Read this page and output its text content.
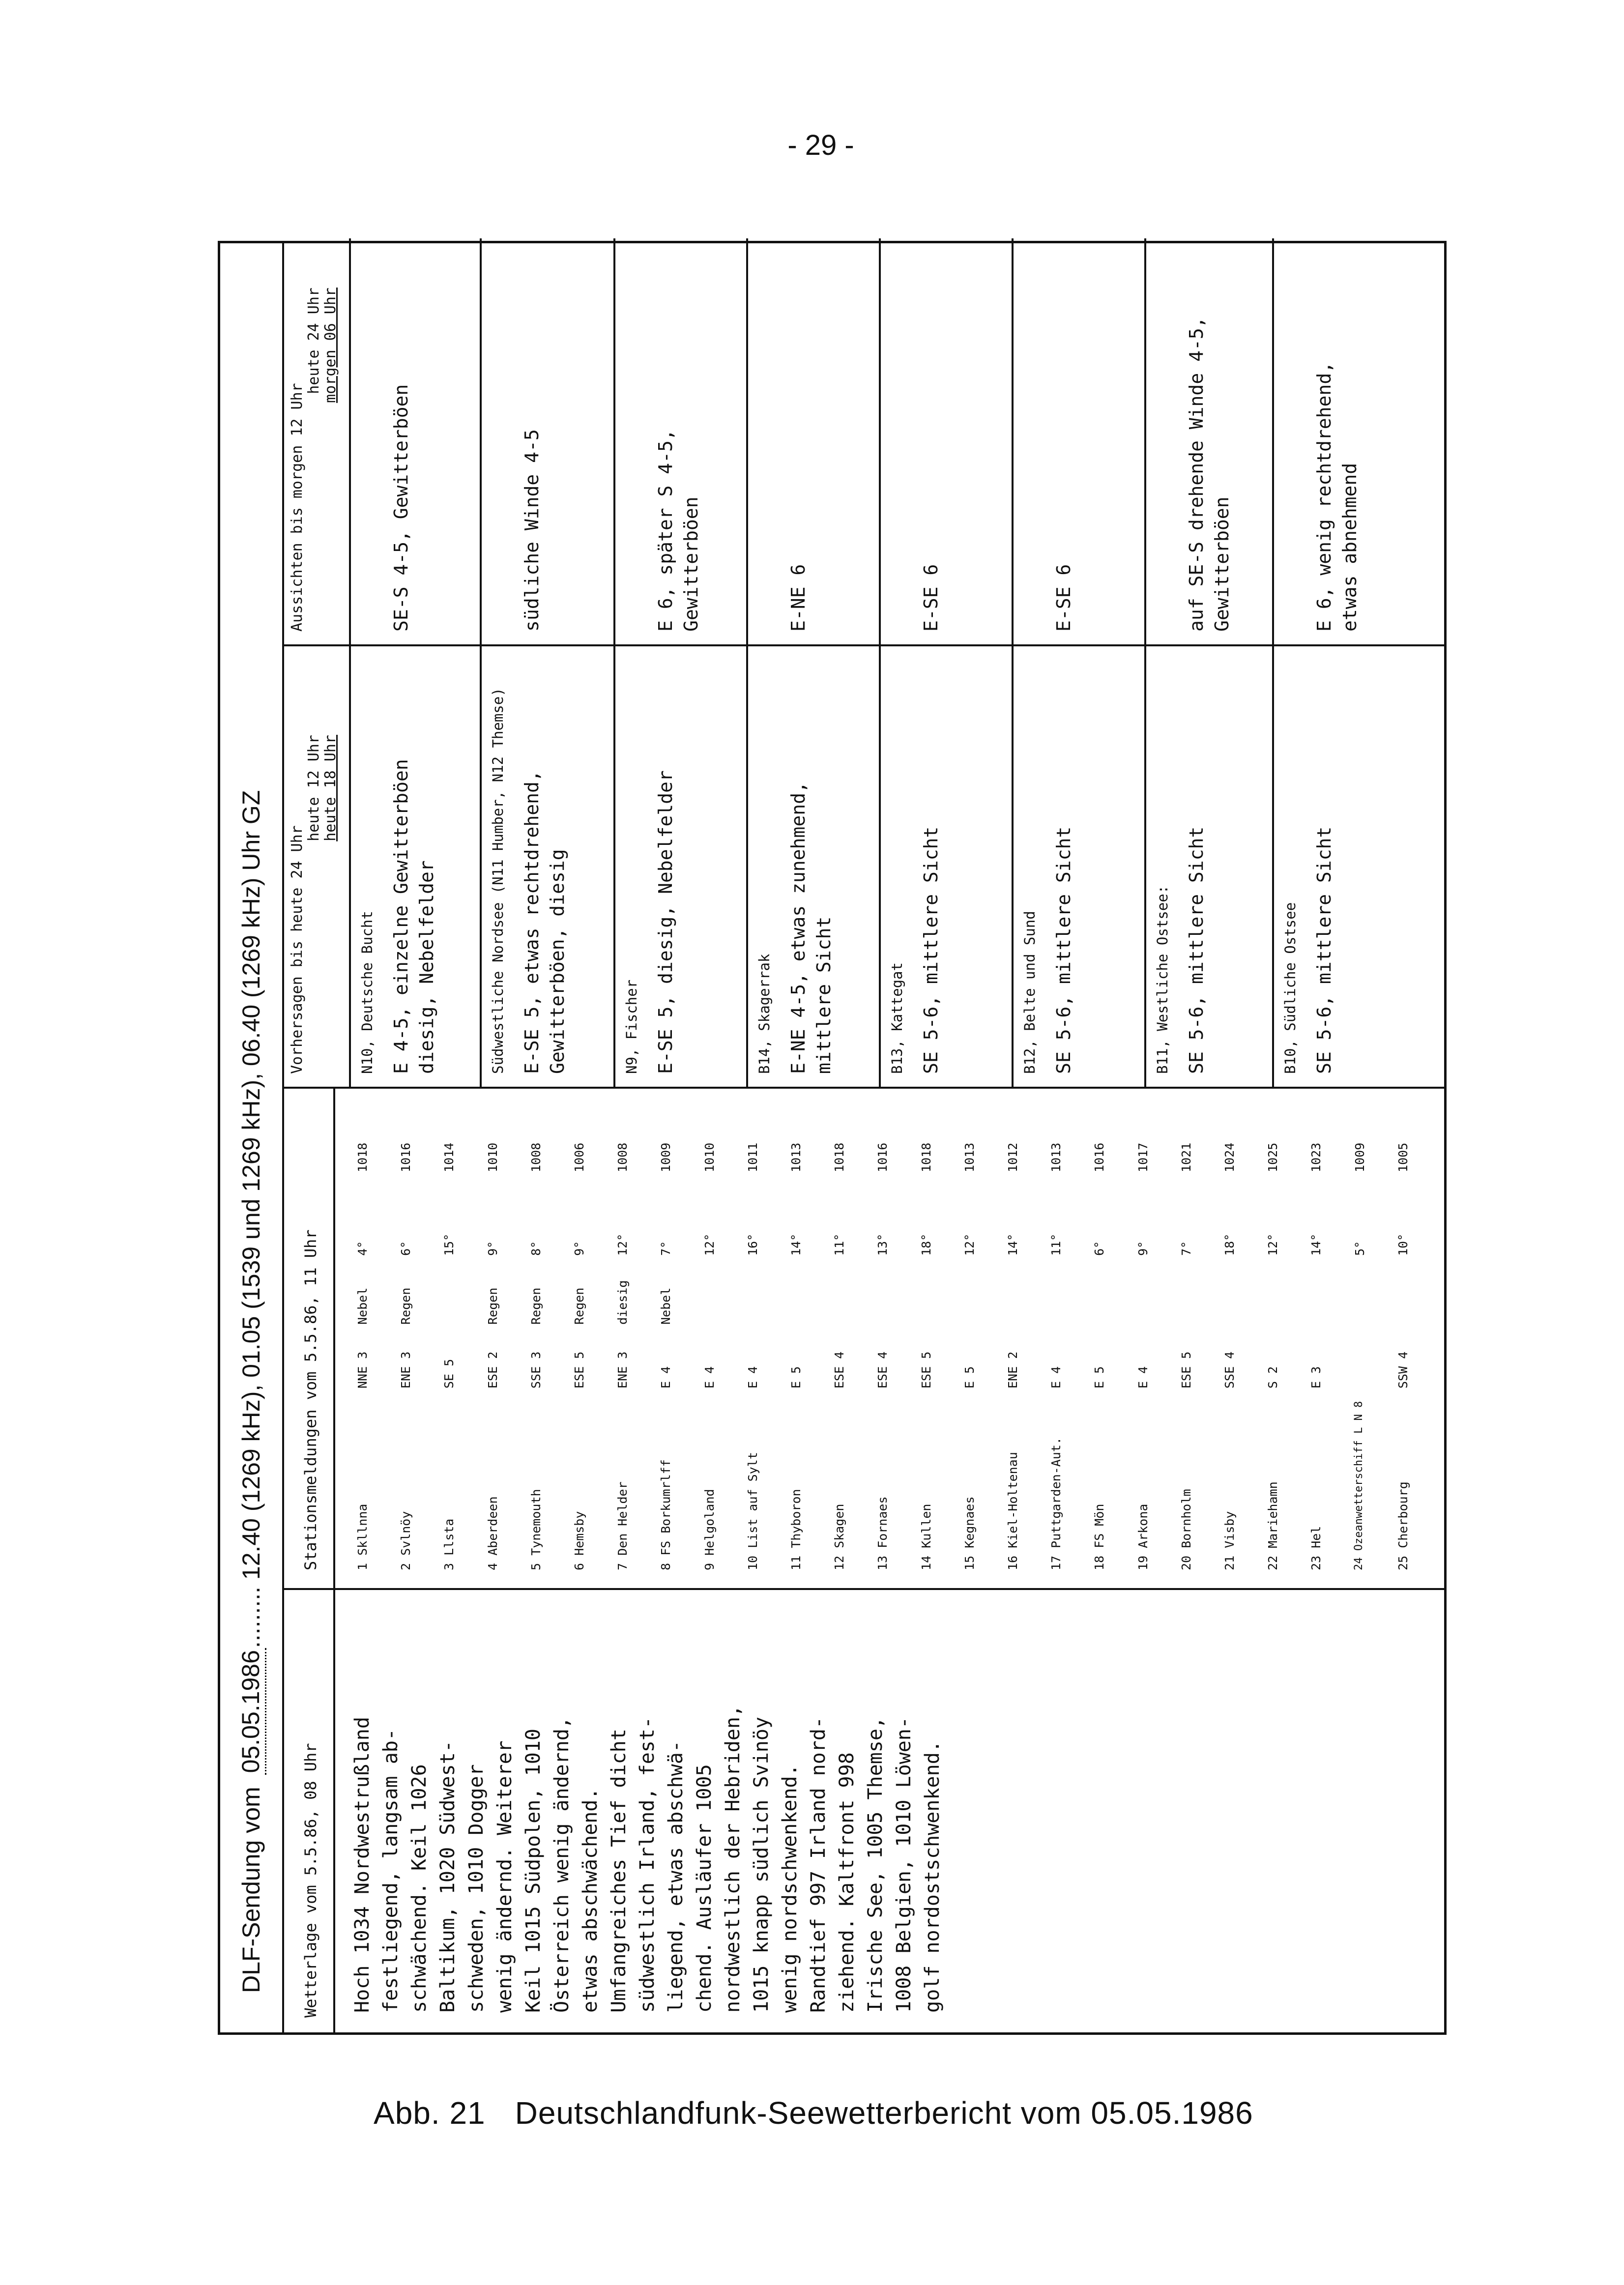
- 29 -
DLF-Sendung vom
05.05.1986
......... 12.40 (1269 kHz), 01.05 (1539 und 1269 kHz), 06.40 (1269 kHz) Uhr GZ
Wetterlage vom 5.5.86, 08 Uhr Hoch 1034 Nordwestrußland
festliegend, langsam ab-
schwächend. Keil 1026
Baltikum, 1020 Südwest-
schweden, 1010 Dogger
wenig ändernd. Weiterer
Keil 1015 Südpolen, 1010
Österreich wenig ändernd,
etwas abschwächend.
Umfangreiches Tief dicht
südwestlich Irland, fest-
liegend, etwas abschwä-
chend. Ausläufer 1005
nordwestlich der Hebriden,
1015 knapp südlich Svinöy
wenig nordschwenkend.
Randtief 997 Irland nord-
ziehend. Kaltfront 998
Irische See, 1005 Themse,
1008 Belgien, 1010 Löwen-
golf nordostschwenkend.
Stationsmeldungen vom 5.5.86, 11 Uhr	1 Skllnna
NNE 3
Nebel
4°
1018
2 Svlnöy
ENE 3
Regen
6°
1016
3 Llsta
SE 5
15°
1014
4 Aberdeen
ESE 2
Regen
9°
1010
5 Tynemouth
SSE 3
Regen
8°
1008
6 Hemsby
ESE 5
Regen
9°
1006
7 Den Helder
ENE 3
diesig
12°
1008
8 FS Borkumrlff
E 4
Nebel
7°
1009
9 Helgoland
E 4
12°
1010
10 List auf Sylt
E 4
16°
1011
11 Thyboron
E 5
14°
1013
12 Skagen
ESE 4
11°
1018
13 Fornaes
ESE 4
13°
1016
14 Kullen
ESE 5
18°
1018
15 Kegnaes
E 5
12°
1013
16 Kiel-Holtenau
ENE 2
14°
1012
17 Puttgarden-Aut.
E 4
11°
1013
18 FS Mön
E 5
6°
1016
19 Arkona
E 4
9°
1017
20 Bornholm
ESE 5
7°
1021
21 Visby
SSE 4
18°
1024
22 Mariehamn
S 2
12°
1025
23 Hel
E 3
14°
1023
24 Ozeanwetterschiff L N 8
5°
1009
25 Cherbourg
SSW 4
10°
1005
Vorhersagen bis heute 24 Uhr
heute 12 Uhr heute 18 Uhr
N10, Deutsche Bucht E 4-5, einzelne Gewitterböen
diesig, Nebelfelder
SE-S 4-5, Gewitterböen
Südwestliche Nordsee (N11 Humber, N12 Themse) E-SE 5, etwas rechtdrehend,
Gewitterböen, diesig
südliche Winde 4-5
N9, Fischer E-SE 5, diesig, Nebelfelder
E 6, später S 4-5,
Gewitterböen
B14, Skagerrak E-NE 4-5, etwas zunehmend,
mittlere Sicht
E-NE 6
B13, Kattegat SE 5-6, mittlere Sicht
E-SE 6
B12, Belte und Sund SE 5-6, mittlere Sicht
E-SE 6
B11, Westliche Ostsee: SE 5-6, mittlere Sicht
auf SE-S drehende Winde 4-5,
Gewitterböen
B10, Südliche Ostsee SE 5-6, mittlere Sicht
E 6, wenig rechtdrehend,
etwas abnehmend
Aussichten bis morgen 12 Uhr
heute 24 Uhr morgen 06 Uhr
Abb. 21 Deutschlandfunk-Seewetterbericht vom 05.05.1986
